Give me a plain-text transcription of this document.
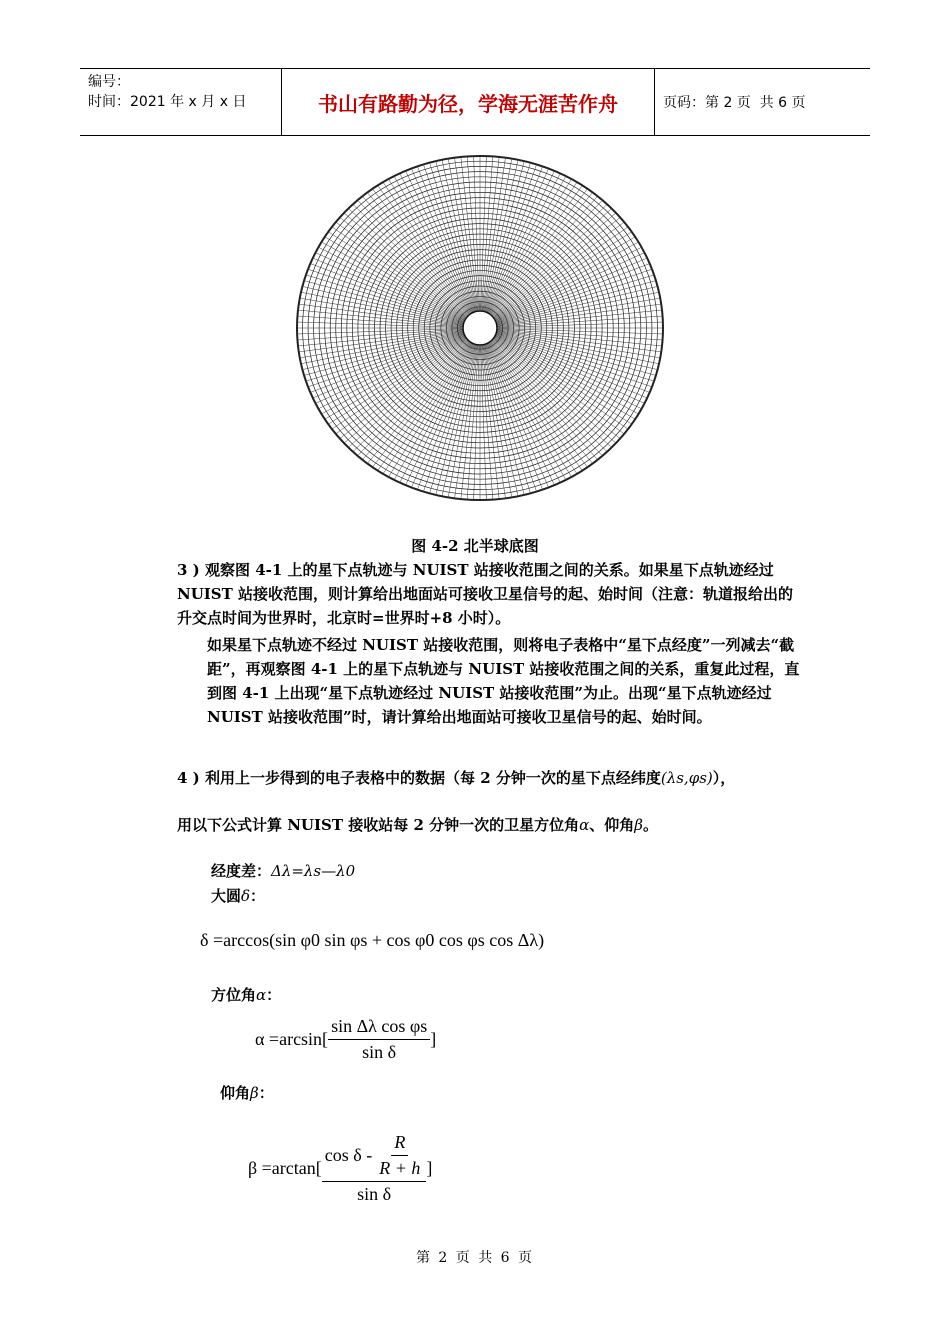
编号：
时间：2021 年 x 月 x 日	书山有路勤为径，学海无涯苦作舟	页码：第 2 页  共 6 页
图 4-2 北半球底图

3 ) 观察图 4-1 上的星下点轨迹与 NUIST 站接收范围之间的关系。如果星下点轨迹经过 NUIST 站接收范围，则计算给出地面站可接收卫星信号的起、始时间（注意：轨道报给出的升交点时间为世界时，北京时=世界时+8 小时）。

如果星下点轨迹不经过 NUIST 站接收范围，则将电子表格中“星下点经度”一列减去“截距”，再观察图 4-1 上的星下点轨迹与 NUIST 站接收范围之间的关系，重复此过程，直到图 4-1 上出现“星下点轨迹经过 NUIST 站接收范围”为止。出现“星下点轨迹经过 NUIST 站接收范围”时，请计算给出地面站可接收卫星信号的起、始时间。

4 ) 利用上一步得到的电子表格中的数据（每 2 分钟一次的星下点经纬度(λs,φs)），

用以下公式计算 NUIST 接收站每 2 分钟一次的卫星方位角α、仰角β。

经度差：Δλ=λs—λ0
大圆δ：
δ =arccos(sin φ0 sin φs + cos φ0 cos φs cos Δλ)
方位角α：
$\alpha =\arcsin[ \frac{\text{sin Δλ cos φs}}{\text{sin δ}}$ ]
仰角β：
$\beta =\arctan[ \frac{\cos \delta - \frac{R}{R + h}}{\text{sin δ}}$ ]
第 2 页 共 6 页
